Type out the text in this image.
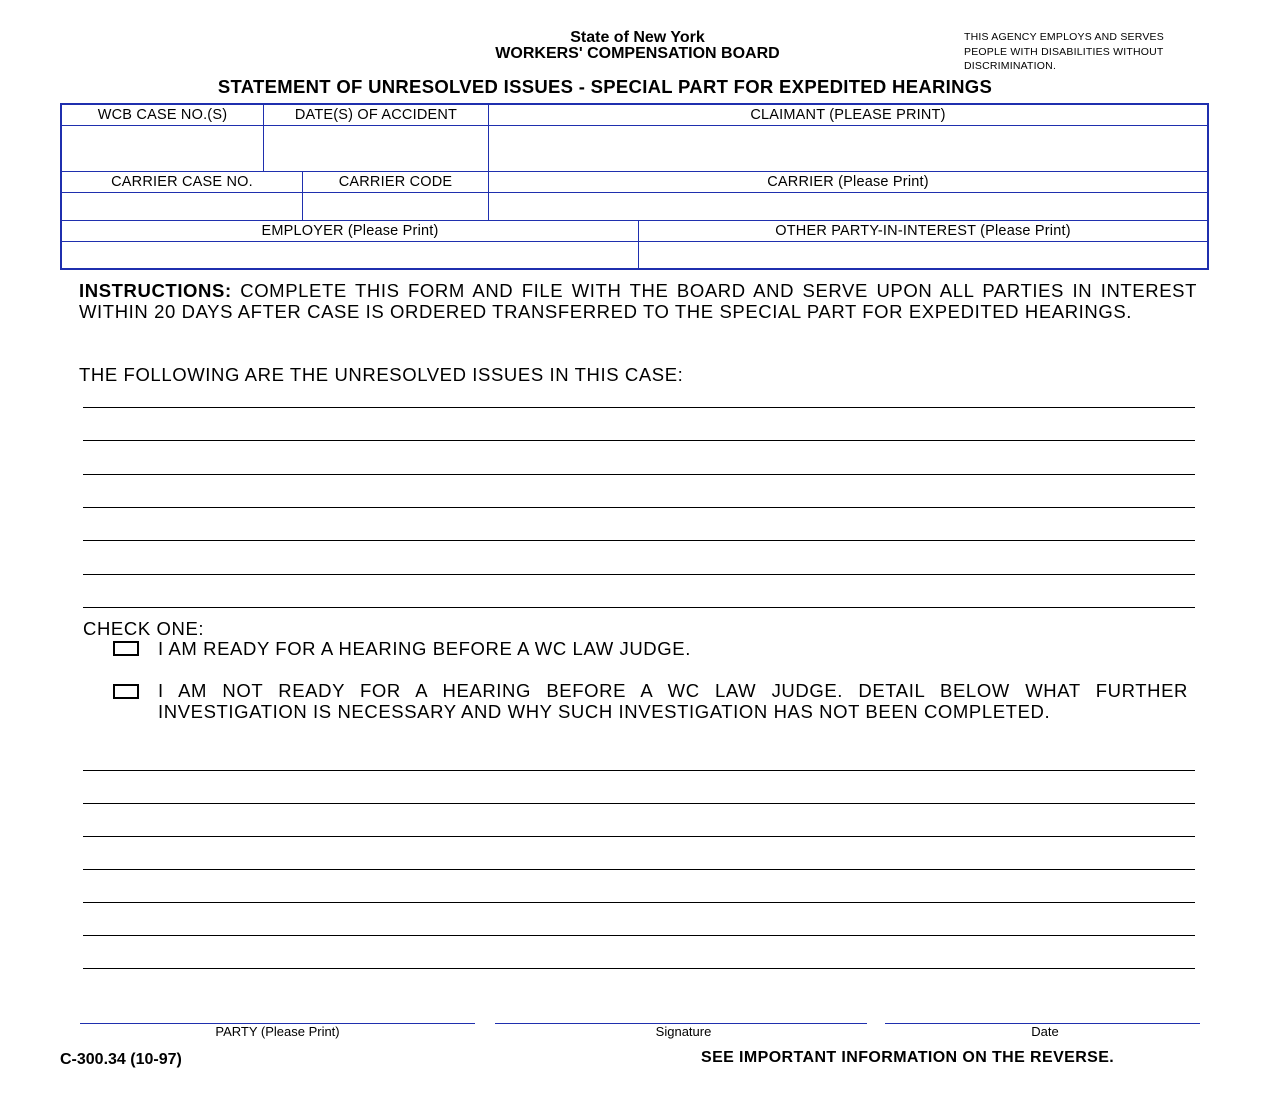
State of New York
WORKERS' COMPENSATION BOARD
THIS AGENCY EMPLOYS AND SERVES PEOPLE WITH DISABILITIES WITHOUT DISCRIMINATION.
STATEMENT OF UNRESOLVED ISSUES - SPECIAL PART FOR EXPEDITED HEARINGS
WCB CASE NO.(S)	DATE(S) OF ACCIDENT	CLAIMANT (PLEASE PRINT)
CARRIER CASE NO.	CARRIER CODE	CARRIER (Please Print)
EMPLOYER (Please Print)	OTHER PARTY-IN-INTEREST (Please Print)
INSTRUCTIONS: COMPLETE THIS FORM AND FILE WITH THE BOARD AND SERVE UPON ALL PARTIES IN INTEREST WITHIN 20 DAYS AFTER CASE IS ORDERED TRANSFERRED TO THE SPECIAL PART FOR EXPEDITED HEARINGS.
THE FOLLOWING ARE THE UNRESOLVED ISSUES IN THIS CASE:
CHECK ONE:
I AM READY FOR A HEARING BEFORE A WC LAW JUDGE.
I AM NOT READY FOR A HEARING BEFORE A WC LAW JUDGE. DETAIL BELOW WHAT FURTHER INVESTIGATION IS NECESSARY AND WHY SUCH INVESTIGATION HAS NOT BEEN COMPLETED.
PARTY (Please Print)	Signature	Date
C-300.34 (10-97)	SEE IMPORTANT INFORMATION ON THE REVERSE.
